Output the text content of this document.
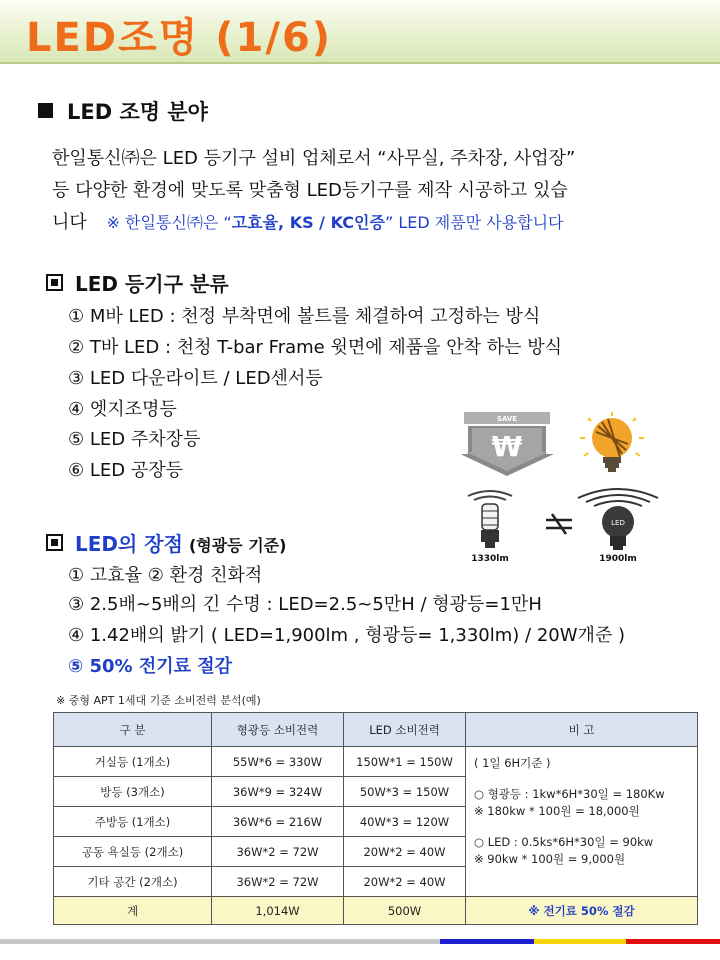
LED조명 (1/6)
LED 조명 분야
한일통신㈜은 LED 등기구 설비 업체로서 “사무실, 주차장, 사업장”
등 다양한 환경에 맞도록 맞춤형 LED등기구를 제작 시공하고 있습
니다 ※ 한일통신㈜은 “고효율, KS / KC인증” LED 제품만 사용합니다
LED 등기구 분류
① M바 LED : 천정 부착면에 볼트를 체결하여 고정하는 방식
② T바 LED : 천청 T-bar Frame 윗면에 제품을 안착 하는 방식
③ LED 다운라이트 / LED센서등
④ 엣지조명등
⑤ LED 주차장등
⑥ LED 공장등
SAVE
₩
1330lm
LED
1900lm
LED의 장점 (형광등 기준)
① 고효율 ② 환경 친화적
③ 2.5배~5배의 긴 수명 : LED=2.5~5만H / 형광등=1만H
④ 1.42배의 밝기 ( LED=1,900lm , 형광등= 1,330lm) / 20W개준 )
⑤ 50% 전기료 절감
※ 중형 APT 1세대 기준 소비전력 분석(예)
구 분	형광등 소비전력	LED 소비전력	비 고
거실등 (1개소)	55W*6 = 330W	150W*1 = 150W	( 1일 6H기준 )
○ 형광등 : 1kw*6H*30일 = 180Kw
※ 180kw * 100원 = 18,000원
○ LED : 0.5ks*6H*30일 = 90kw
※ 90kw * 100원 = 9,000원

방등 (3개소)	36W*9 = 324W	50W*3 = 150W	
주방등 (1개소)	36W*6 = 216W	40W*3 = 120W	
공동 욕실등 (2개소)	36W*2 = 72W	20W*2 = 40W	
기타 공간 (2개소)	36W*2 = 72W	20W*2 = 40W	
계	1,014W	500W	※ 전기료 50% 절감
